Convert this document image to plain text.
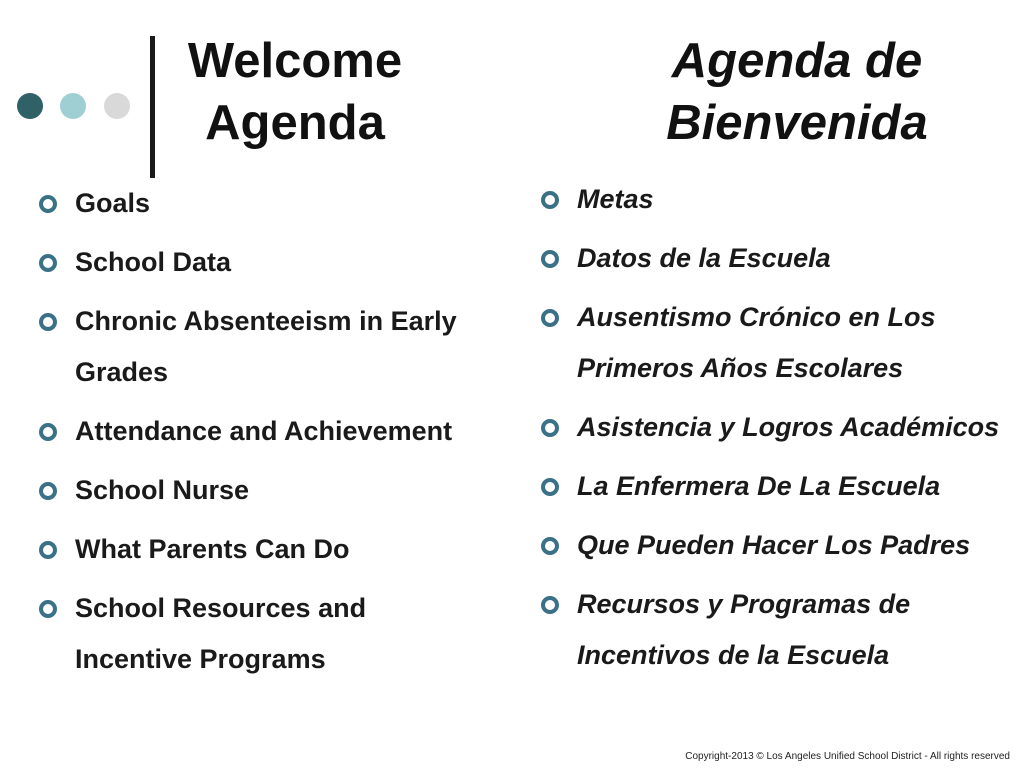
Welcome
Agenda
Agenda de
Bienvenida
Goals
School Data
Chronic Absenteeism in Early
Grades
Attendance and Achievement
School Nurse
What Parents Can Do
School Resources and
Incentive Programs
Metas
Datos de la Escuela
Ausentismo Crónico en Los
Primeros Años Escolares
Asistencia y Logros Académicos
La Enfermera De La Escuela
Que Pueden Hacer Los Padres
Recursos y Programas de
Incentivos de la Escuela
Copyright-2013 © Los Angeles Unified School District - All rights reserved
